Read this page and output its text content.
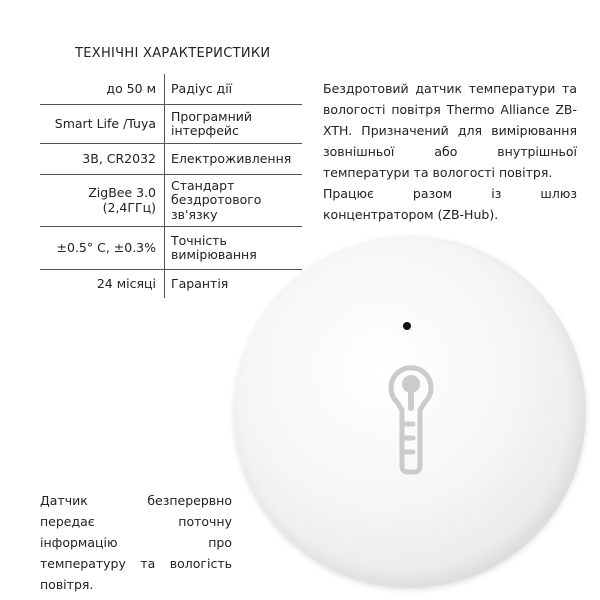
ТЕХНІЧНІ ХАРАКТЕРИСТИКИ
до 50 м	Радіус дії
Smart Life /Tuya	Програмний інтерфейс
3В, CR2032	Електроживлення
ZigBee 3.0 (2,4ГГц)	Стандарт бездротового зв'язку
±0.5° C, ±0.3%	Точність вимірювання
24 місяці	Гарантія

Бездротовий датчик температури та вологості повітря Thermo Alliance ZB-XTH. Призначений для вимірювання зовнішньої або внутрішньої температури та вологості повітря.

Працює разом із шлюз концентратором (ZB-Hub).

Датчик безперервно передає поточну інформацію про температуру та вологість повітря.
